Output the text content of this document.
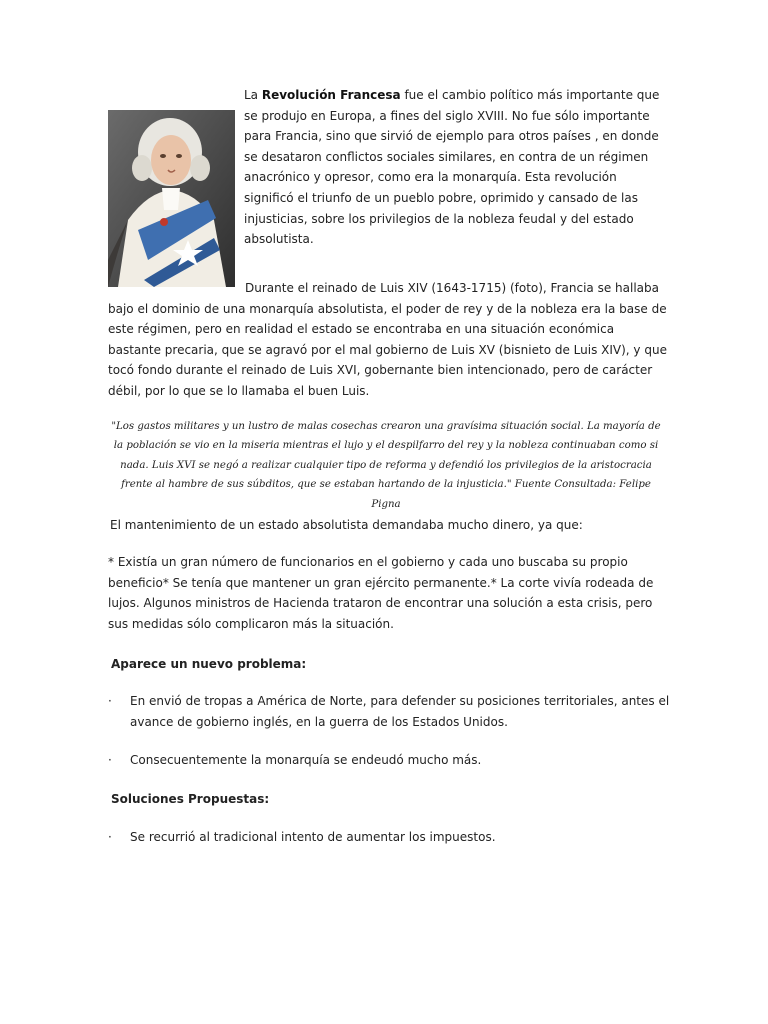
La Revolución Francesa fue el cambio político más importante que se produjo en Europa, a fines del siglo XVIII. No fue sólo importante para Francia, sino que sirvió de ejemplo para otros países , en donde se desataron conflictos sociales similares, en contra de un régimen anacrónico y opresor, como era la monarquía. Esta revolución significó el triunfo de un pueblo pobre, oprimido y cansado de las injusticias, sobre los privilegios de la nobleza feudal y del estado absolutista.

Durante el reinado de Luis XIV (1643-1715) (foto), Francia se hallaba bajo el dominio de una monarquía absolutista, el poder de rey y de la nobleza era la base de este régimen, pero en realidad el estado se encontraba en una situación económica bastante precaria, que se agravó por el mal gobierno de Luis XV (bisnieto de Luis XIV), y que tocó fondo durante el reinado de Luis XVI, gobernante bien intencionado, pero de carácter débil, por lo que se lo llamaba el buen Luis.

"Los gastos militares y un lustro de malas cosechas crearon una gravísima situación social. La mayoría de la población se vio en la miseria mientras el lujo y el despilfarro del rey y la nobleza continuaban como si nada. Luis XVI se negó a realizar cualquier tipo de reforma y defendió los privilegios de la aristocracia frente al hambre de sus súbditos, que se estaban hartando de la injusticia." Fuente Consultada: Felipe Pigna

El mantenimiento de un estado absolutista demandaba mucho dinero, ya que:

* Existía un gran número de funcionarios en el gobierno y cada uno buscaba su propio beneficio* Se tenía que mantener un gran ejército permanente.* La corte vivía rodeada de lujos. Algunos ministros de Hacienda trataron de encontrar una solución a esta crisis, pero sus medidas sólo complicaron más la situación.

Aparece un nuevo problema:

· En envió de tropas a América de Norte, para defender su posiciones territoriales, antes el avance de gobierno inglés, en la guerra de los Estados Unidos.
· Consecuentemente la monarquía se endeudó mucho más.

Soluciones Propuestas:

· Se recurrió al tradicional intento de aumentar los impuestos.
